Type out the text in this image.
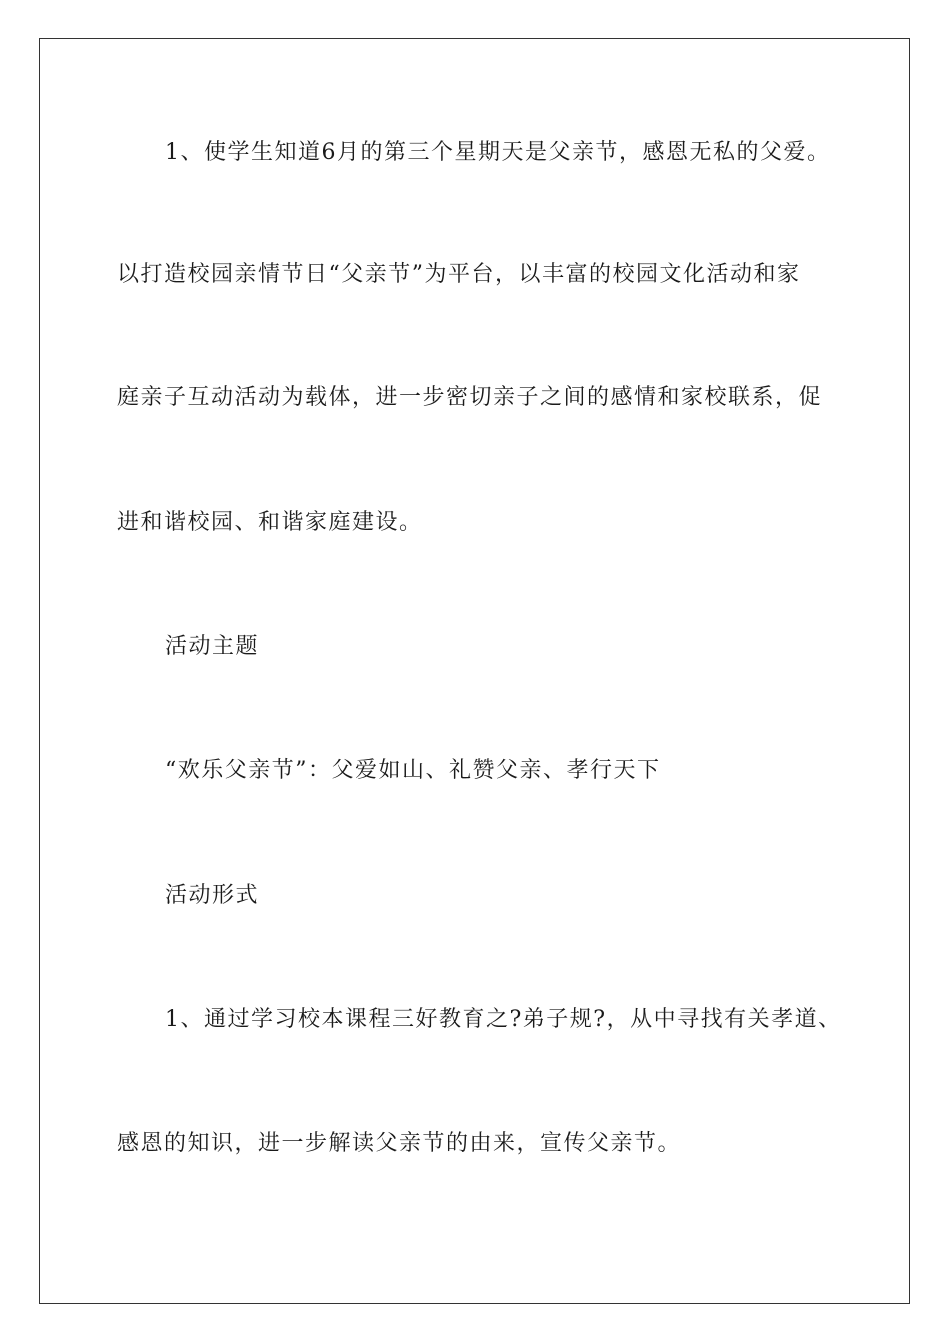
1、使学生知道6月的第三个星期天是父亲节，感恩无私的父爱。
以打造校园亲情节日“父亲节”为平台，以丰富的校园文化活动和家
庭亲子互动活动为载体，进一步密切亲子之间的感情和家校联系，促
进和谐校园、和谐家庭建设。
活动主题
“欢乐父亲节”：父爱如山、礼赞父亲、孝行天下
活动形式
1、通过学习校本课程三好教育之?弟子规?，从中寻找有关孝道、
感恩的知识，进一步解读父亲节的由来，宣传父亲节。
